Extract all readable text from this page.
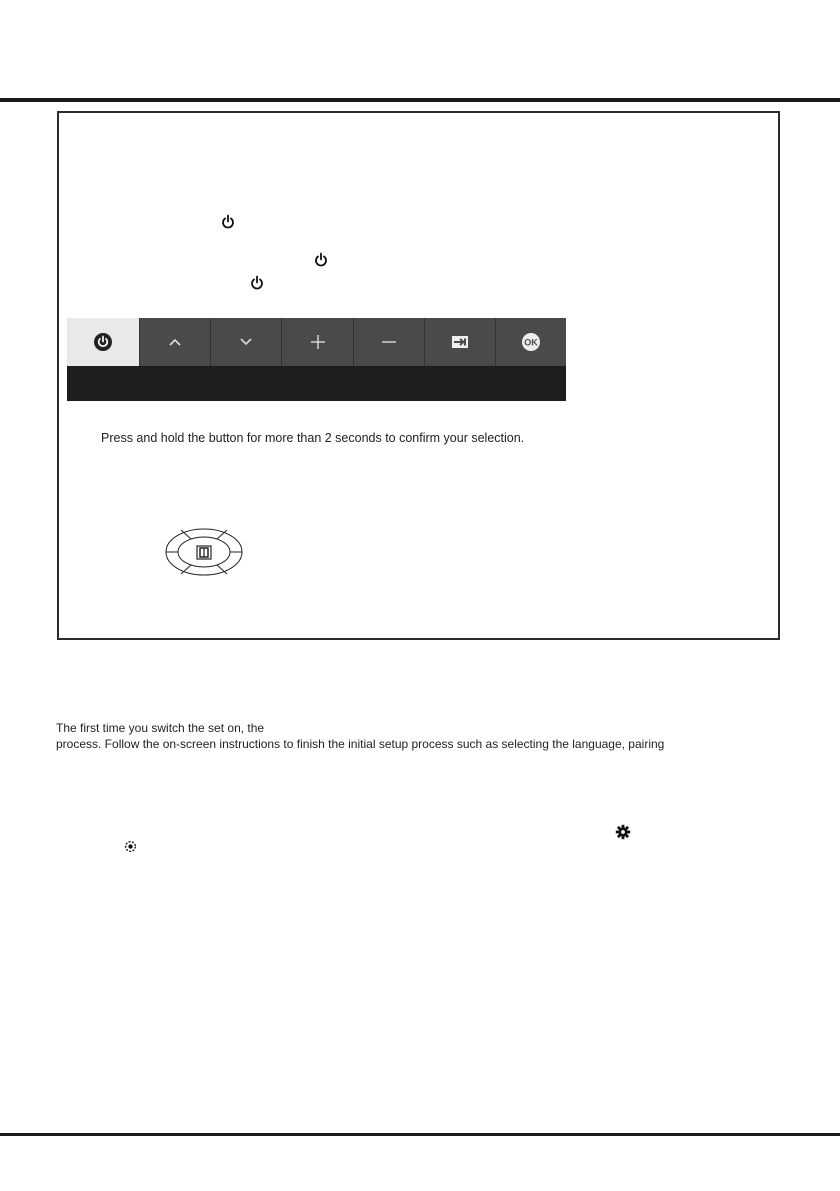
OK
Press and hold the button for more than 2 seconds to confirm your selection.
The first time you switch the set on, the
process. Follow the on-screen instructions to finish the initial setup process such as selecting the language, pairing
